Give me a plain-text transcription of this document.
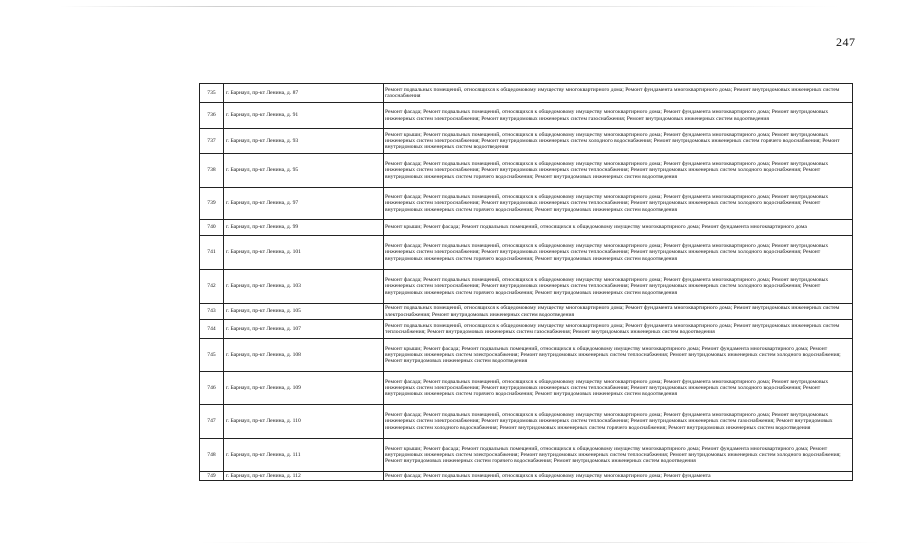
247
735	г. Барнаул, пр-кт Ленина, д. 87	Ремонт подвальных помещений, относящихся к общедомовому имуществу многоквартирного дома; Ремонт фундамента многоквартирного дома; Ремонт внутридомовых инженерных систем газоснабжения
736	г. Барнаул, пр-кт Ленина, д. 91	Ремонт фасада; Ремонт подвальных помещений, относящихся к общедомовому имуществу многоквартирного дома; Ремонт фундамента многоквартирного дома; Ремонт внутридомовых инженерных систем электроснабжения; Ремонт внутридомовых инженерных систем газоснабжения; Ремонт внутридомовых инженерных систем водоотведения
737	г. Барнаул, пр-кт Ленина, д. 93	Ремонт крыши; Ремонт подвальных помещений, относящихся к общедомовому имуществу многоквартирного дома; Ремонт фундамента многоквартирного дома; Ремонт внутридомовых инженерных систем электроснабжения; Ремонт внутридомовых инженерных систем холодного водоснабжения; Ремонт внутридомовых инженерных систем горячего водоснабжения; Ремонт внутридомовых инженерных систем водоотведения
738	г. Барнаул, пр-кт Ленина, д. 95	Ремонт фасада; Ремонт подвальных помещений, относящихся к общедомовому имуществу многоквартирного дома; Ремонт фундамента многоквартирного дома; Ремонт внутридомовых инженерных систем электроснабжения; Ремонт внутридомовых инженерных систем теплоснабжения; Ремонт внутридомовых инженерных систем холодного водоснабжения; Ремонт внутридомовых инженерных систем горячего водоснабжения; Ремонт внутридомовых инженерных систем водоотведения
739	г. Барнаул, пр-кт Ленина, д. 97	Ремонт фасада; Ремонт подвальных помещений, относящихся к общедомовому имуществу многоквартирного дома; Ремонт фундамента многоквартирного дома; Ремонт внутридомовых инженерных систем электроснабжения; Ремонт внутридомовых инженерных систем теплоснабжения; Ремонт внутридомовых инженерных систем холодного водоснабжения; Ремонт внутридомовых инженерных систем горячего водоснабжения; Ремонт внутридомовых инженерных систем водоотведения
740	г. Барнаул, пр-кт Ленина, д. 99	Ремонт крыши; Ремонт фасада; Ремонт подвальных помещений, относящихся к общедомовому имуществу многоквартирного дома; Ремонт фундамента многоквартирного дома
741	г. Барнаул, пр-кт Ленина, д. 101	Ремонт фасада; Ремонт подвальных помещений, относящихся к общедомовому имуществу многоквартирного дома; Ремонт фундамента многоквартирного дома; Ремонт внутридомовых инженерных систем электроснабжения; Ремонт внутридомовых инженерных систем теплоснабжения; Ремонт внутридомовых инженерных систем холодного водоснабжения; Ремонт внутридомовых инженерных систем горячего водоснабжения; Ремонт внутридомовых инженерных систем водоотведения
742	г. Барнаул, пр-кт Ленина, д. 103	Ремонт фасада; Ремонт подвальных помещений, относящихся к общедомовому имуществу многоквартирного дома; Ремонт фундамента многоквартирного дома; Ремонт внутридомовых инженерных систем электроснабжения; Ремонт внутридомовых инженерных систем теплоснабжения; Ремонт внутридомовых инженерных систем холодного водоснабжения; Ремонт внутридомовых инженерных систем горячего водоснабжения; Ремонт внутридомовых инженерных систем водоотведения
743	г. Барнаул, пр-кт Ленина, д. 105	Ремонт подвальных помещений, относящихся к общедомовому имуществу многоквартирного дома; Ремонт фундамента многоквартирного дома; Ремонт внутридомовых инженерных систем электроснабжения; Ремонт внутридомовых инженерных систем водоотведения
744	г. Барнаул, пр-кт Ленина, д. 107	Ремонт подвальных помещений, относящихся к общедомовому имуществу многоквартирного дома; Ремонт фундамента многоквартирного дома; Ремонт внутридомовых инженерных систем теплоснабжения; Ремонт внутридомовых инженерных систем газоснабжения; Ремонт внутридомовых инженерных систем водоотведения
745	г. Барнаул, пр-кт Ленина, д. 108	Ремонт крыши; Ремонт фасада; Ремонт подвальных помещений, относящихся к общедомовому имуществу многоквартирного дома; Ремонт фундамента многоквартирного дома; Ремонт внутридомовых инженерных систем электроснабжения; Ремонт внутридомовых инженерных систем теплоснабжения; Ремонт внутридомовых инженерных систем холодного водоснабжения; Ремонт внутридомовых инженерных систем водоотведения
746	г. Барнаул, пр-кт Ленина, д. 109	Ремонт фасада; Ремонт подвальных помещений, относящихся к общедомовому имуществу многоквартирного дома; Ремонт фундамента многоквартирного дома; Ремонт внутридомовых инженерных систем электроснабжения; Ремонт внутридомовых инженерных систем теплоснабжения; Ремонт внутридомовых инженерных систем холодного водоснабжения; Ремонт внутридомовых инженерных систем горячего водоснабжения; Ремонт внутридомовых инженерных систем водоотведения
747	г. Барнаул, пр-кт Ленина, д. 110	Ремонт фасада; Ремонт подвальных помещений, относящихся к общедомовому имуществу многоквартирного дома; Ремонт фундамента многоквартирного дома; Ремонт внутридомовых инженерных систем электроснабжения; Ремонт внутридомовых инженерных систем теплоснабжения; Ремонт внутридомовых инженерных систем газоснабжения; Ремонт внутридомовых инженерных систем холодного водоснабжения; Ремонт внутридомовых инженерных систем горячего водоснабжения; Ремонт внутридомовых инженерных систем водоотведения
748	г. Барнаул, пр-кт Ленина, д. 111	Ремонт крыши; Ремонт фасада; Ремонт подвальных помещений, относящихся к общедомовому имуществу многоквартирного дома; Ремонт фундамента многоквартирного дома; Ремонт внутридомовых инженерных систем электроснабжения; Ремонт внутридомовых инженерных систем теплоснабжения; Ремонт внутридомовых инженерных систем холодного водоснабжения; Ремонт внутридомовых инженерных систем горячего водоснабжения; Ремонт внутридомовых инженерных систем водоотведения
749	г. Барнаул, пр-кт Ленина, д. 112	Ремонт фасада; Ремонт подвальных помещений, относящихся к общедомовому имуществу многоквартирного дома; Ремонт фундамента
